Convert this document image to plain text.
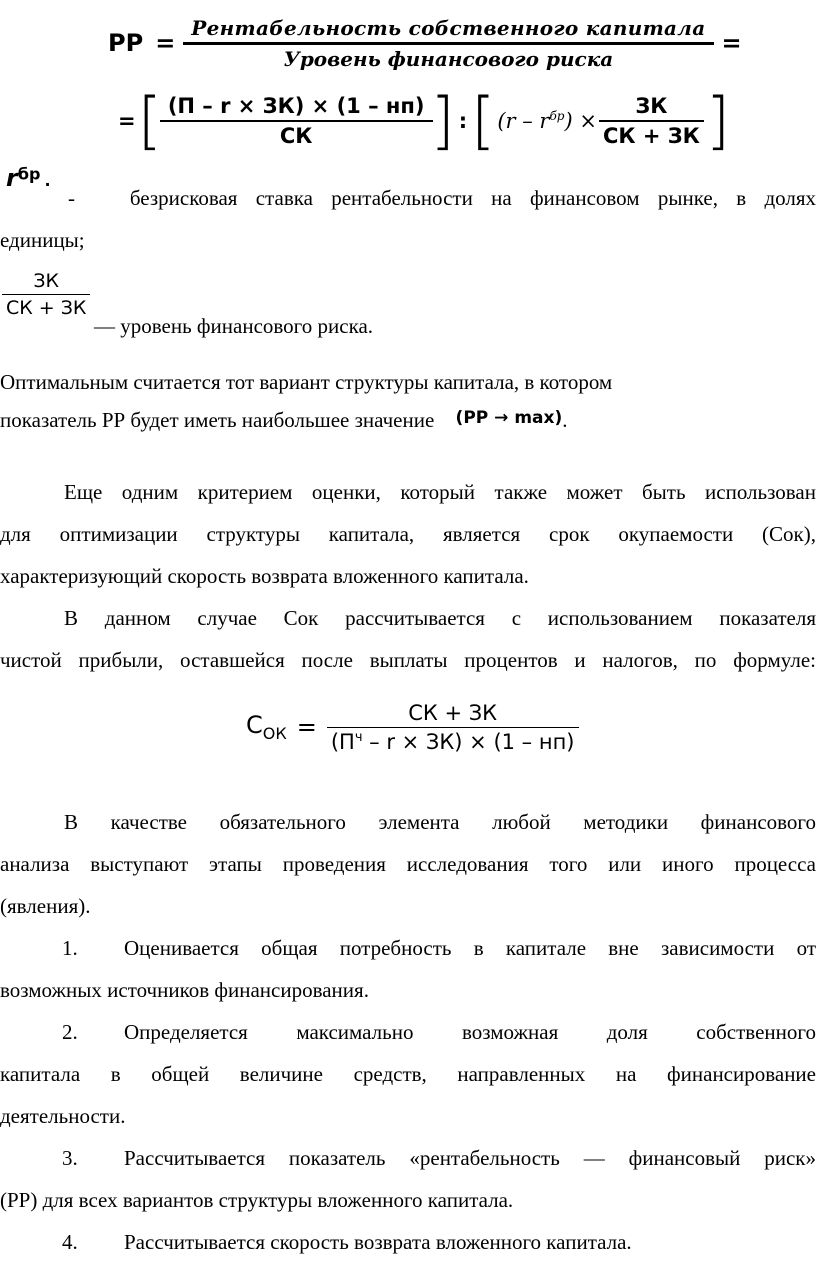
РР = $\frac{\text{Рентабельность собственного капитала}}{\text{Уровень финансового риска}}$ =
= [ $\frac{(П - r \times ЗК) \times (1 - нп)}{СК}$ ] : [ $(r - r^{бр}) \times \frac{ЗК}{СК + ЗК}$ ]
$r^{бр}$ .
-	безрисковая ставка рентабельности на финансовом рынке, в долях
единицы;
$\frac{ЗК}{СК + ЗК}$
— уровень финансового риска.
Оптимальным считается тот вариант структуры капитала, в котором
показатель РР будет иметь наибольшее значение (РР → max).
Еще одним критерием оценки, который также может быть использован
для оптимизации структуры капитала, является срок окупаемости (Сок),
характеризующий скорость возврата вложенного капитала.
В данном случае Сок рассчитывается с использованием показателя
чистой прибыли, оставшейся после выплаты процентов и налогов, по формуле:
$С_{ОК} = \frac{СК + ЗК}{(П^ч - r \times ЗК) \times (1 - нп)}$
В качестве обязательного элемента любой методики финансового
анализа выступают этапы проведения исследования того или иного процесса
(явления).
1. Оценивается общая потребность в капитале вне зависимости от
возможных источников финансирования.
2. Определяется максимально возможная доля собственного
капитала в общей величине средств, направленных на финансирование
деятельности.
3. Рассчитывается показатель «рентабельность — финансовый риск»
(РР) для всех вариантов структуры вложенного капитала.
4. Рассчитывается скорость возврата вложенного капитала.
